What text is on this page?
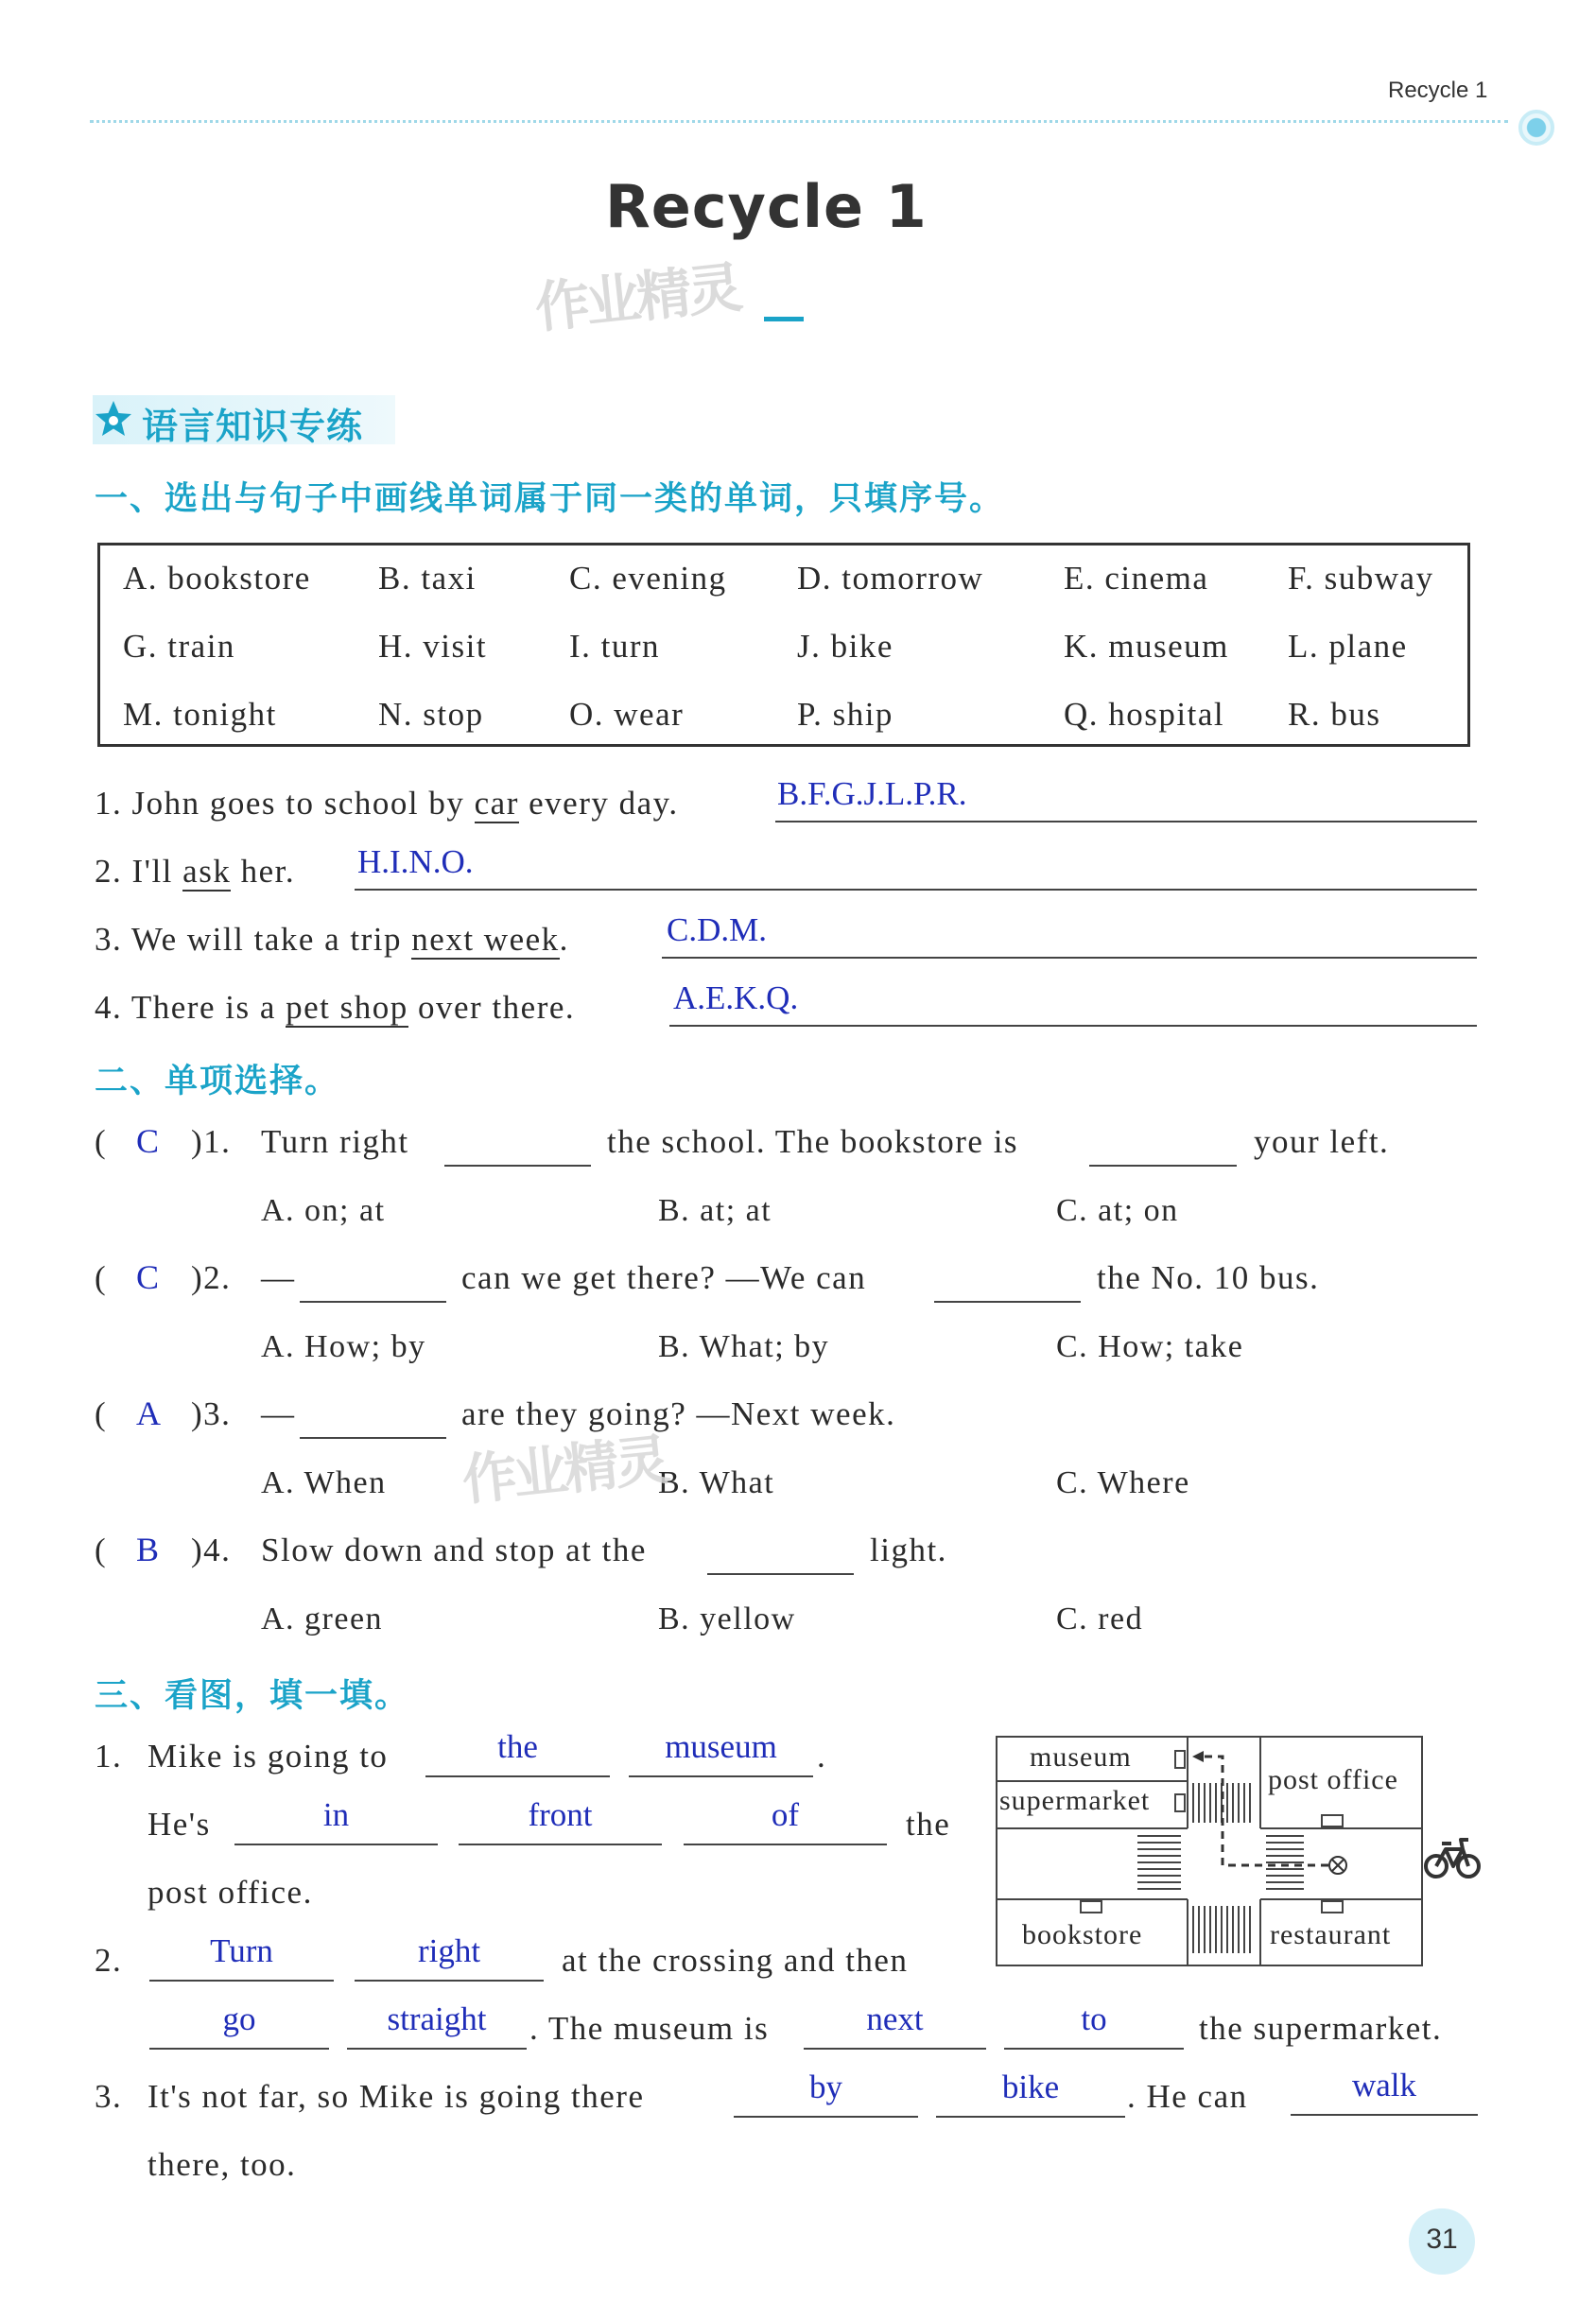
Recycle 1
Recycle 1
作业精灵
语言知识专练
一、选出与句子中画线单词属于同一类的单词，只填序号。
A. bookstore B. taxi	C. evening D. tomorrow E. cinema F. subway
G. train	H. visit I. turn	J. bike	K. museum L. plane
M. tonight	N. stop	O. wear	P. ship	Q. hospital R. bus
1. John goes to school by car every day.	B.F.G.J.L.P.R.
2. I'll ask her. H.I.N.O.
3. We will take a trip next week.	C.D.M.
4. There is a pet shop over there.	A.E.K.Q.
二、单项选择。
( C )1. Turn right	the school. The bookstore is	your left.
A. on; at	B. at; at	C. at; on
( C )2. —	can we get there? —We can	the No. 10 bus.
A. How; by	B. What; by	C. How; take
( A )3. —	are they going? —Next week.
A. When	B. What	C. Where
作业精灵
( B )4. Slow down and stop at the	light.
A. green	B. yellow	C. red
三、看图，填一填。
1. Mike is going to	the	museum	.
He's	in	front	of	the
post office.
2.	Turn	right	at the crossing and then
go	straight	. The museum is	next	to	the supermarket.
3. It's not far, so Mike is going there	by	bike	. He can	walk
there, too.
museum
supermarket
post office
bookstore	restaurant
31
